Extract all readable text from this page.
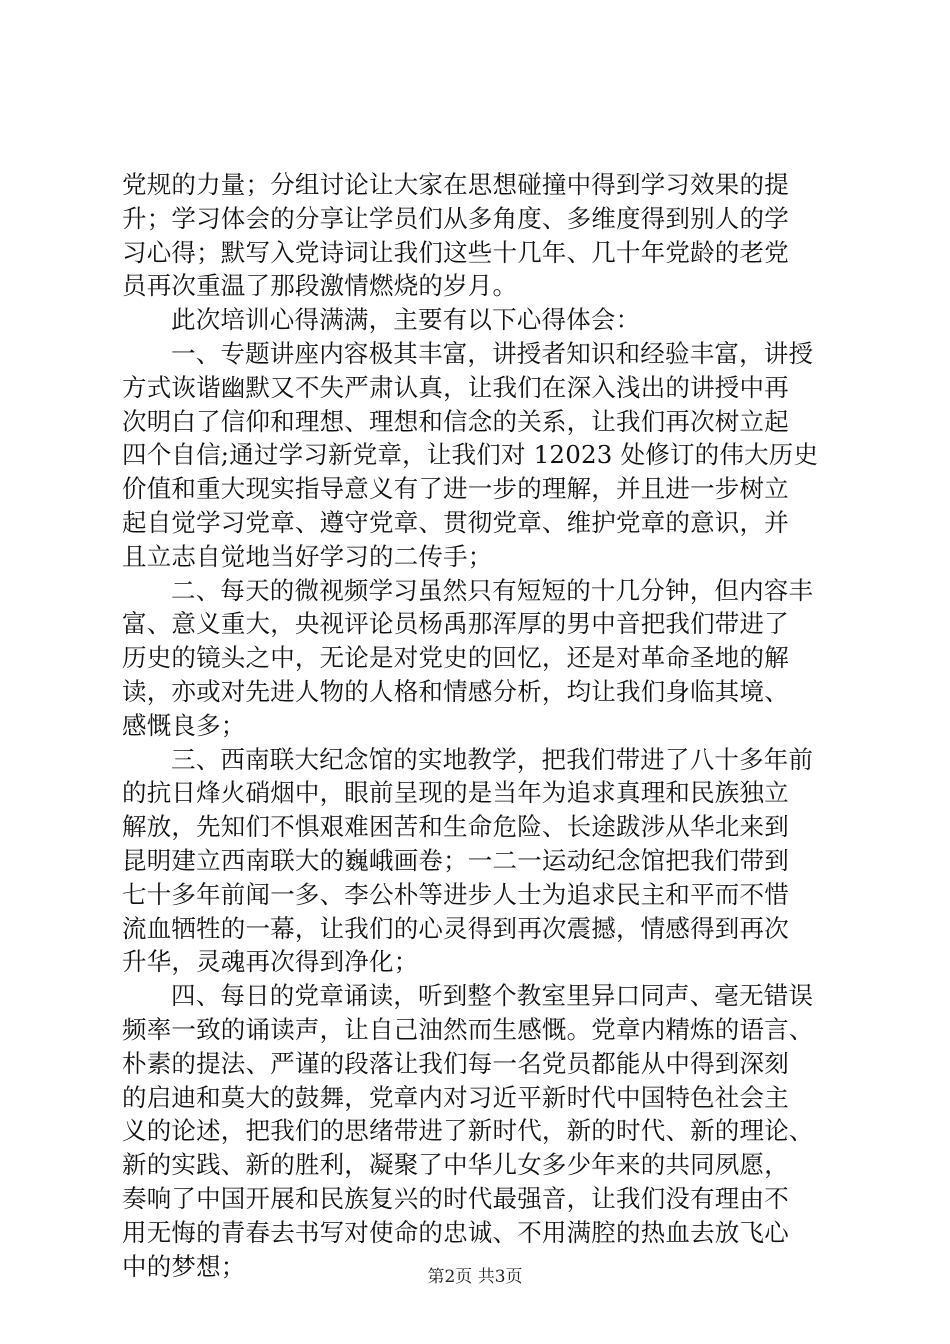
党规的力量；分组讨论让大家在思想碰撞中得到学习效果的提
升；学习体会的分享让学员们从多角度、多维度得到别人的学
习心得；默写入党诗词让我们这些十几年、几十年党龄的老党
员再次重温了那段激情燃烧的岁月。
此次培训心得满满，主要有以下心得体会：
一、专题讲座内容极其丰富，讲授者知识和经验丰富，讲授
方式诙谐幽默又不失严肃认真，让我们在深入浅出的讲授中再
次明白了信仰和理想、理想和信念的关系，让我们再次树立起
四个自信;通过学习新党章，让我们对 12023 处修订的伟大历史
价值和重大现实指导意义有了进一步的理解，并且进一步树立
起自觉学习党章、遵守党章、贯彻党章、维护党章的意识，并
且立志自觉地当好学习的二传手；
二、每天的微视频学习虽然只有短短的十几分钟，但内容丰
富、意义重大，央视评论员杨禹那浑厚的男中音把我们带进了
历史的镜头之中，无论是对党史的回忆，还是对革命圣地的解
读，亦或对先进人物的人格和情感分析，均让我们身临其境、
感慨良多；
三、西南联大纪念馆的实地教学，把我们带进了八十多年前
的抗日烽火硝烟中，眼前呈现的是当年为追求真理和民族独立
解放，先知们不惧艰难困苦和生命危险、长途跋涉从华北来到
昆明建立西南联大的巍峨画卷；一二一运动纪念馆把我们带到
七十多年前闻一多、李公朴等进步人士为追求民主和平而不惜
流血牺牲的一幕，让我们的心灵得到再次震撼，情感得到再次
升华，灵魂再次得到净化；
四、每日的党章诵读，听到整个教室里异口同声、毫无错误
频率一致的诵读声，让自己油然而生感慨。党章内精炼的语言、
朴素的提法、严谨的段落让我们每一名党员都能从中得到深刻
的启迪和莫大的鼓舞，党章内对习近平新时代中国特色社会主
义的论述，把我们的思绪带进了新时代，新的时代、新的理论、
新的实践、新的胜利，凝聚了中华儿女多少年来的共同夙愿，
奏响了中国开展和民族复兴的时代最强音，让我们没有理由不
用无悔的青春去书写对使命的忠诚、不用满腔的热血去放飞心
中的梦想；	第2页 共3页
